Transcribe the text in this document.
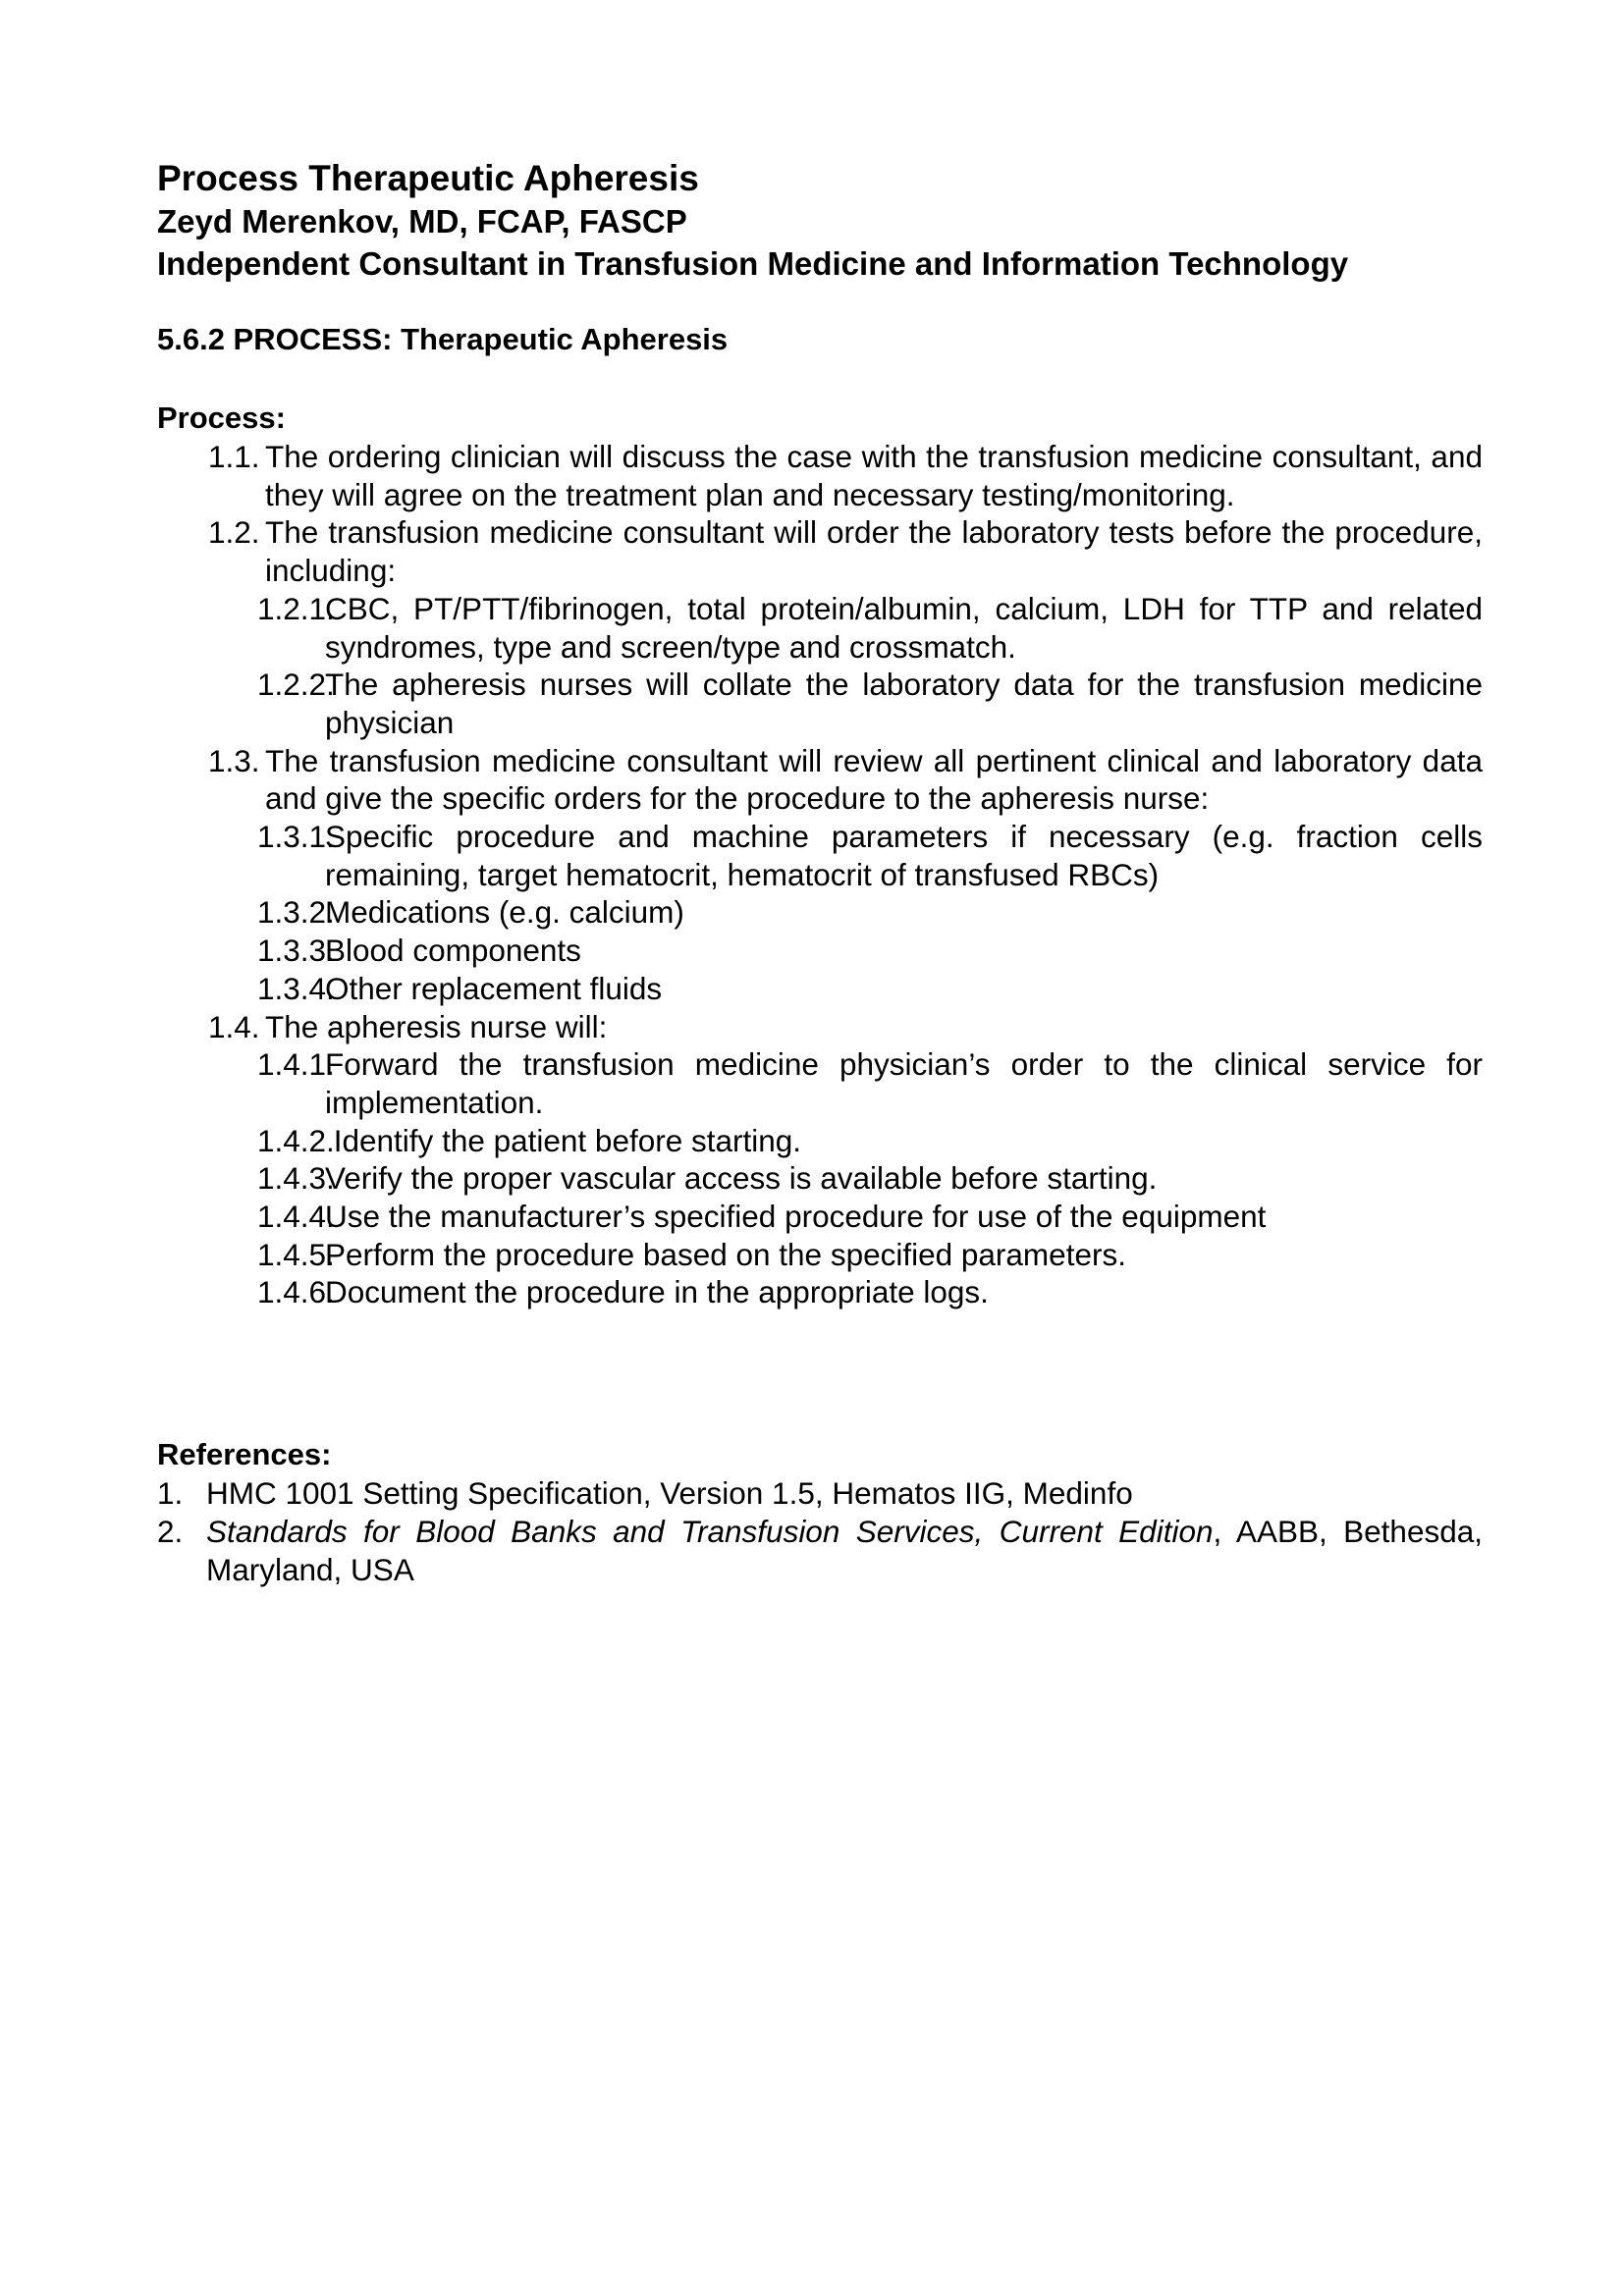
Process Therapeutic Apheresis
Zeyd Merenkov, MD, FCAP, FASCP
Independent Consultant in Transfusion Medicine and Information Technology
5.6.2 PROCESS: Therapeutic Apheresis
Process:
1.1. The ordering clinician will discuss the case with the transfusion medicine consultant, and they will agree on the treatment plan and necessary testing/monitoring.
1.2. The transfusion medicine consultant will order the laboratory tests before the procedure, including:
1.2.1.
CBC, PT/PTT/fibrinogen, total protein/albumin, calcium, LDH for TTP and related syndromes, type and screen/type and crossmatch.
1.2.2.
The apheresis nurses will collate the laboratory data for the transfusion medicine physician
1.3. The transfusion medicine consultant will review all pertinent clinical and laboratory data and give the specific orders for the procedure to the apheresis nurse:
1.3.1.
Specific procedure and machine parameters if necessary (e.g. fraction cells remaining, target hematocrit, hematocrit of transfused RBCs)
1.3.2.
Medications (e.g. calcium)
1.3.3.
Blood components
1.3.4.
Other replacement fluids
1.4. The apheresis nurse will:
1.4.1.
Forward the transfusion medicine physician’s order to the clinical service for implementation.
1.4.2.
Identify the patient before starting.
1.4.3.
Verify the proper vascular access is available before starting.
1.4.4.
Use the manufacturer’s specified procedure for use of the equipment
1.4.5.
Perform the procedure based on the specified parameters.
1.4.6.
Document the procedure in the appropriate logs.
References:
1. HMC 1001 Setting Specification, Version 1.5, Hematos IIG, Medinfo
2. Standards for Blood Banks and Transfusion Services, Current Edition, AABB, Bethesda, Maryland, USA
